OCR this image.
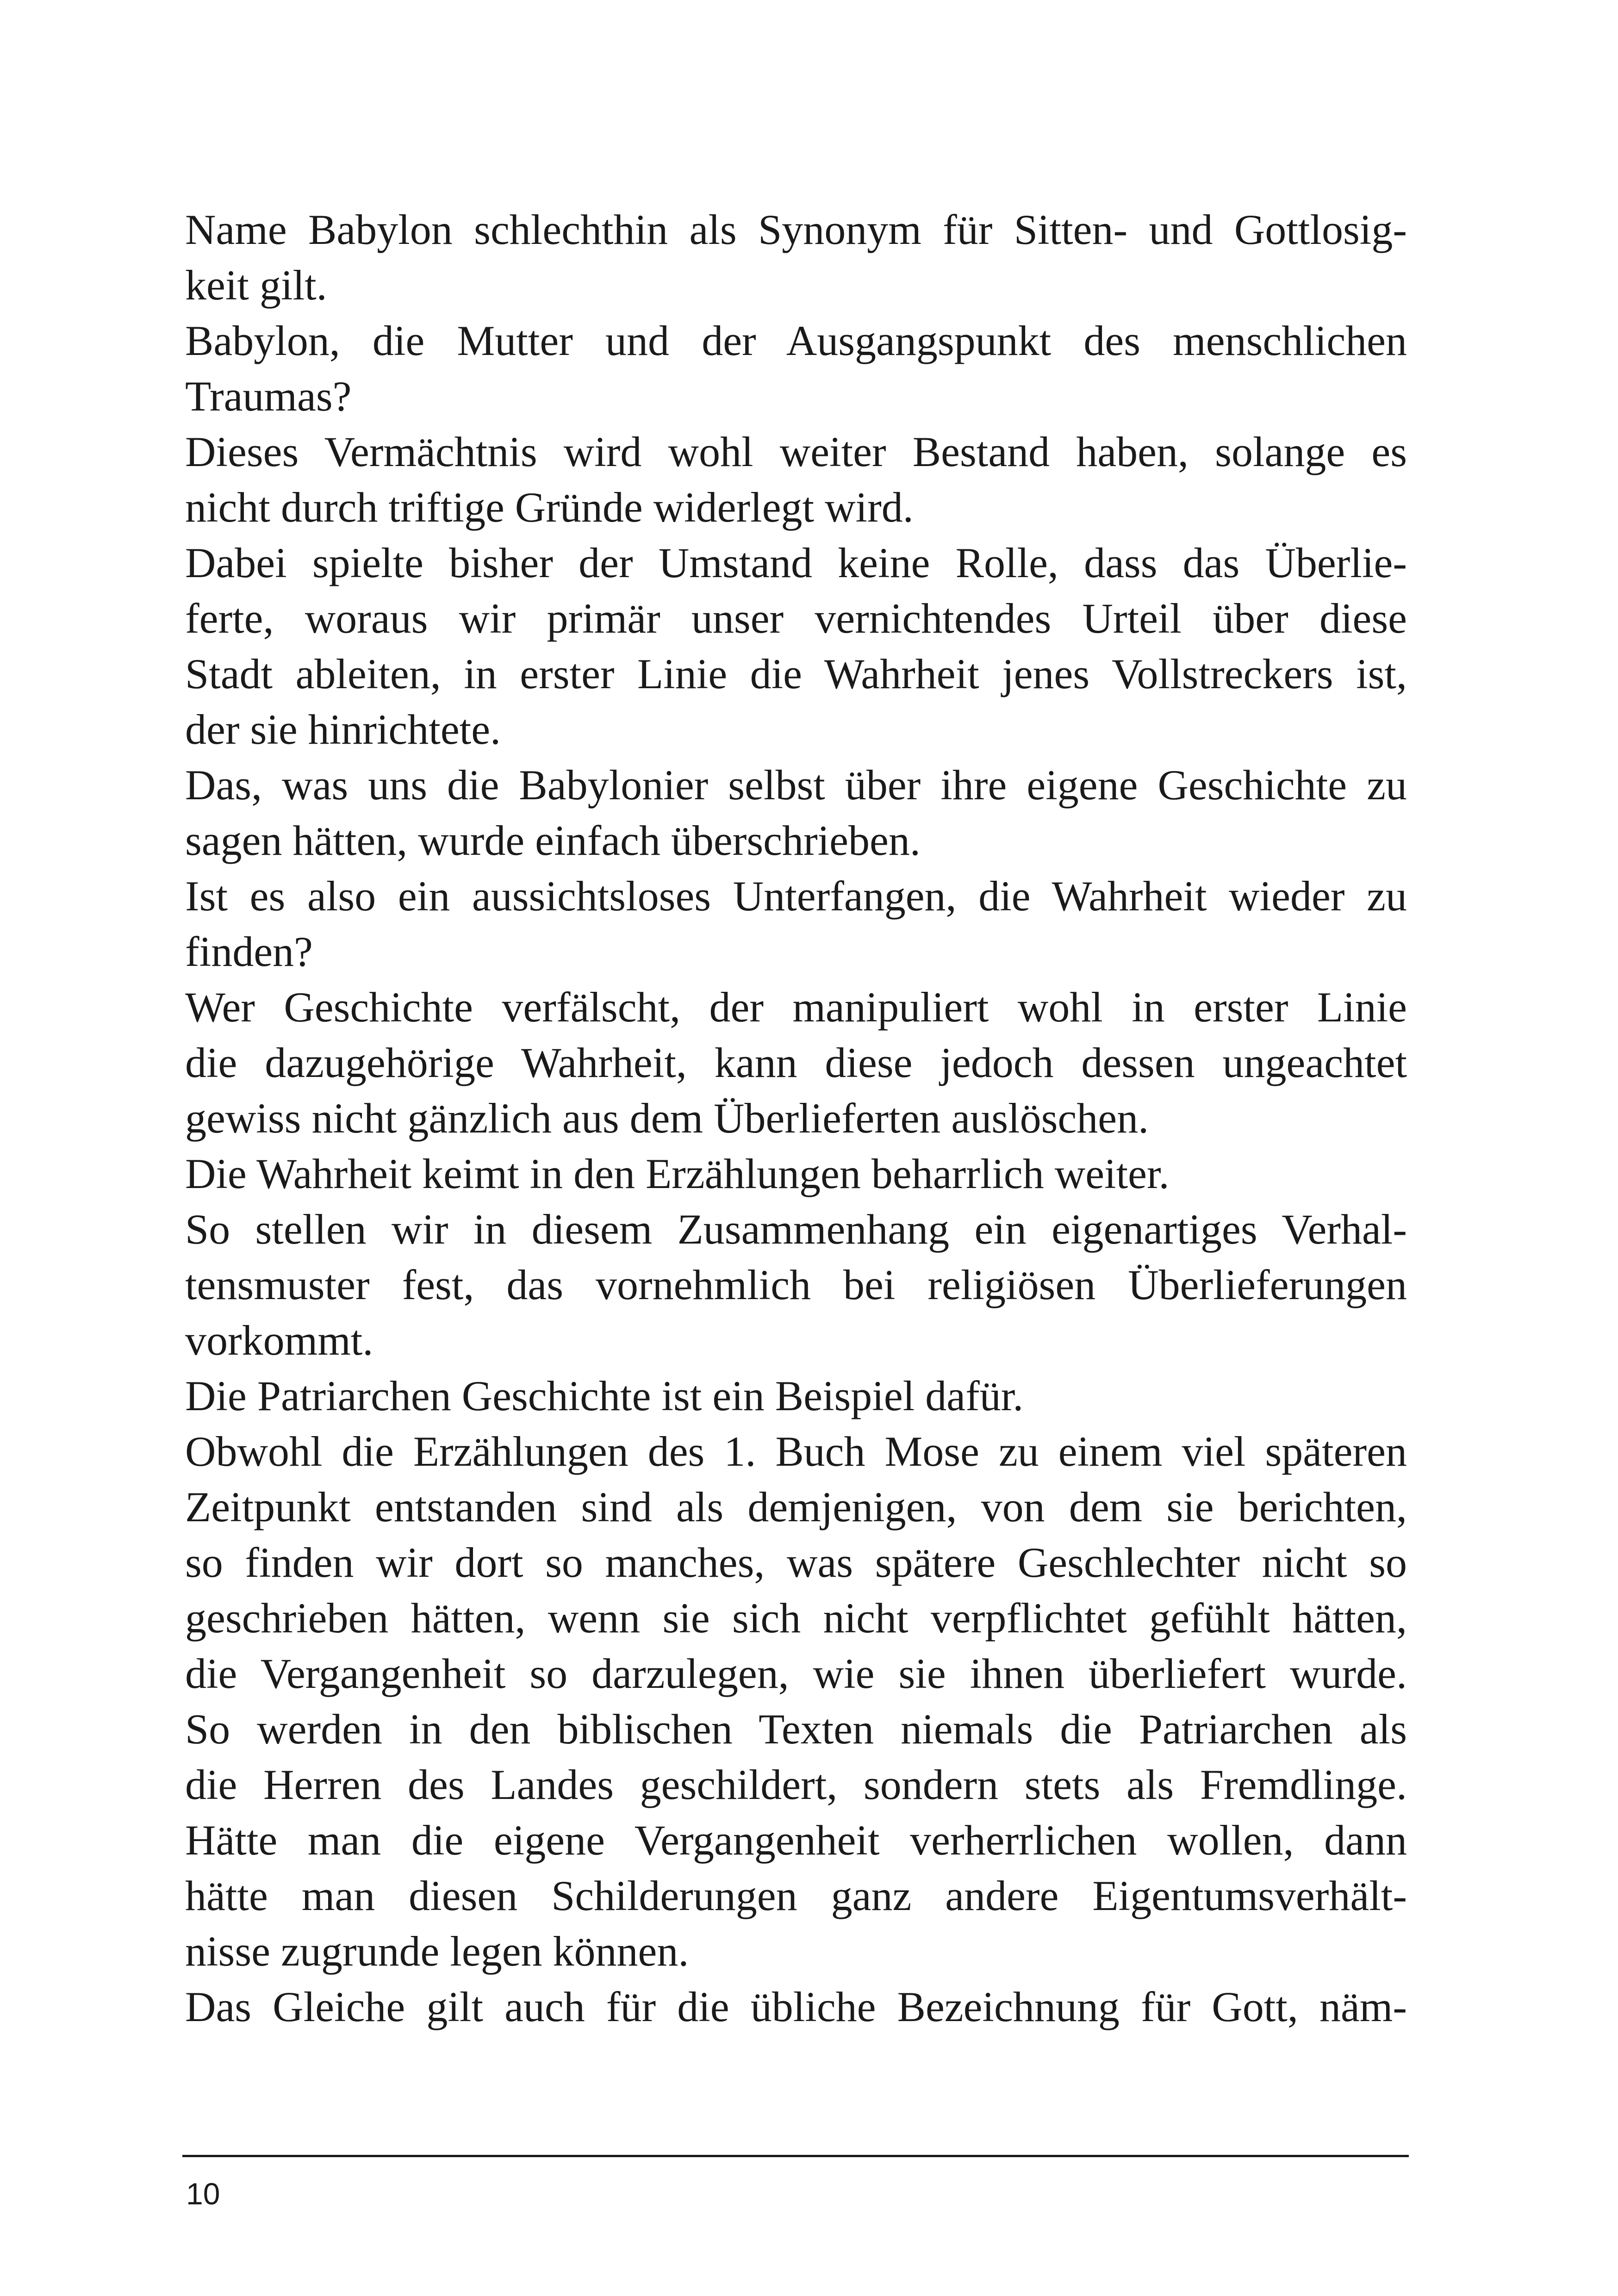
Name Babylon schlechthin als Synonym für Sitten- und Gottlosig-
keit gilt.
Babylon, die Mutter und der Ausgangspunkt des menschlichen
Traumas?
Dieses Vermächtnis wird wohl weiter Bestand haben, solange es
nicht durch triftige Gründe widerlegt wird.
Dabei spielte bisher der Umstand keine Rolle, dass das Überlie-
ferte, woraus wir primär unser vernichtendes Urteil über diese
Stadt ableiten, in erster Linie die Wahrheit jenes Vollstreckers ist,
der sie hinrichtete.
Das, was uns die Babylonier selbst über ihre eigene Geschichte zu
sagen hätten, wurde einfach überschrieben.
Ist es also ein aussichtsloses Unterfangen, die Wahrheit wieder zu
finden?
Wer Geschichte verfälscht, der manipuliert wohl in erster Linie
die dazugehörige Wahrheit, kann diese jedoch dessen ungeachtet
gewiss nicht gänzlich aus dem Überlieferten auslöschen.
Die Wahrheit keimt in den Erzählungen beharrlich weiter.
So stellen wir in diesem Zusammenhang ein eigenartiges Verhal-
tensmuster fest, das vornehmlich bei religiösen Überlieferungen
vorkommt.
Die Patriarchen Geschichte ist ein Beispiel dafür.
Obwohl die Erzählungen des 1. Buch Mose zu einem viel späteren
Zeitpunkt entstanden sind als demjenigen, von dem sie berichten,
so finden wir dort so manches, was spätere Geschlechter nicht so
geschrieben hätten, wenn sie sich nicht verpflichtet gefühlt hätten,
die Vergangenheit so darzulegen, wie sie ihnen überliefert wurde.
So werden in den biblischen Texten niemals die Patriarchen als
die Herren des Landes geschildert, sondern stets als Fremdlinge.
Hätte man die eigene Vergangenheit verherrlichen wollen, dann
hätte man diesen Schilderungen ganz andere Eigentumsverhält-
nisse zugrunde legen können.
Das Gleiche gilt auch für die übliche Bezeichnung für Gott, näm-
10
